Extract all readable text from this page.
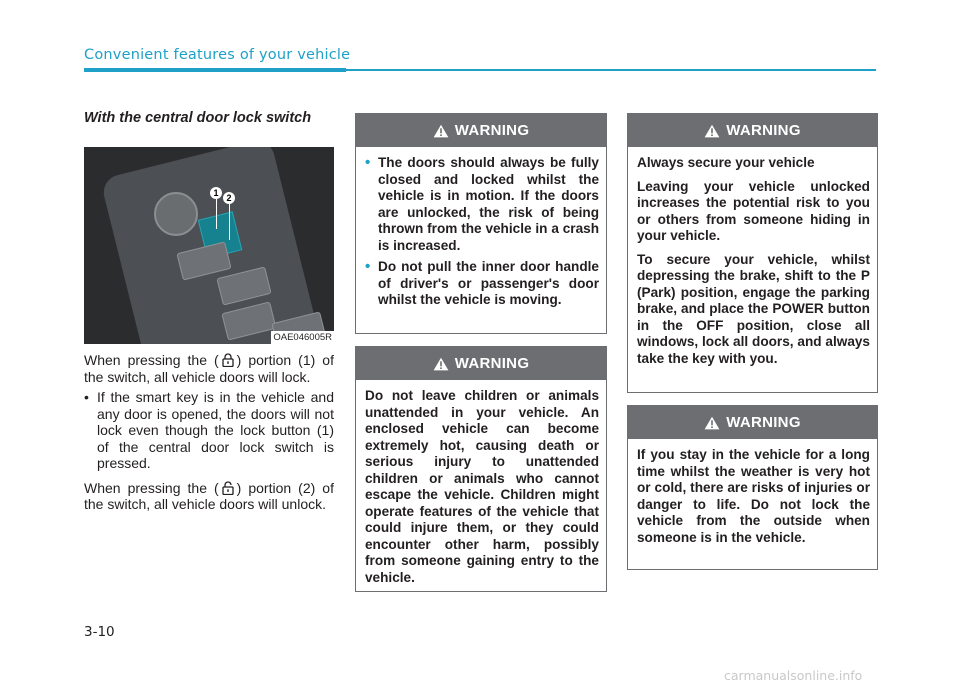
Convenient features of your vehicle
With the central door lock switch
1 2
OAE046005R

When pressing the ( ) portion (1) of the switch, all vehicle doors will lock.

• If the smart key is in the vehicle and any door is opened, the doors will not lock even though the lock button (1) of the central door lock switch is pressed.

When pressing the ( ) portion (2) of the switch, all vehicle doors will unlock.

WARNING
• The doors should always be fully closed and locked whilst the vehicle is in motion. If the doors are unlocked, the risk of being thrown from the vehicle in a crash is increased.
• Do not pull the inner door handle of driver's or passenger's door whilst the vehicle is moving.
WARNING

Do not leave children or animals unattended in your vehicle. An enclosed vehicle can become extremely hot, causing death or serious injury to unattended children or animals who cannot escape the vehicle. Children might operate features of the vehicle that could injure them, or they could encounter other harm, possibly from someone gaining entry to the vehicle.

WARNING

Always secure your vehicle

Leaving your vehicle unlocked increases the potential risk to you or others from someone hiding in your vehicle.

To secure your vehicle, whilst depressing the brake, shift to the P (Park) position, engage the parking brake, and place the POWER button in the OFF position, close all windows, lock all doors, and always take the key with you.

WARNING

If you stay in the vehicle for a long time whilst the weather is very hot or cold, there are risks of injuries or danger to life. Do not lock the vehicle from the outside when someone is in the vehicle.

3-10
carmanualsonline.info
